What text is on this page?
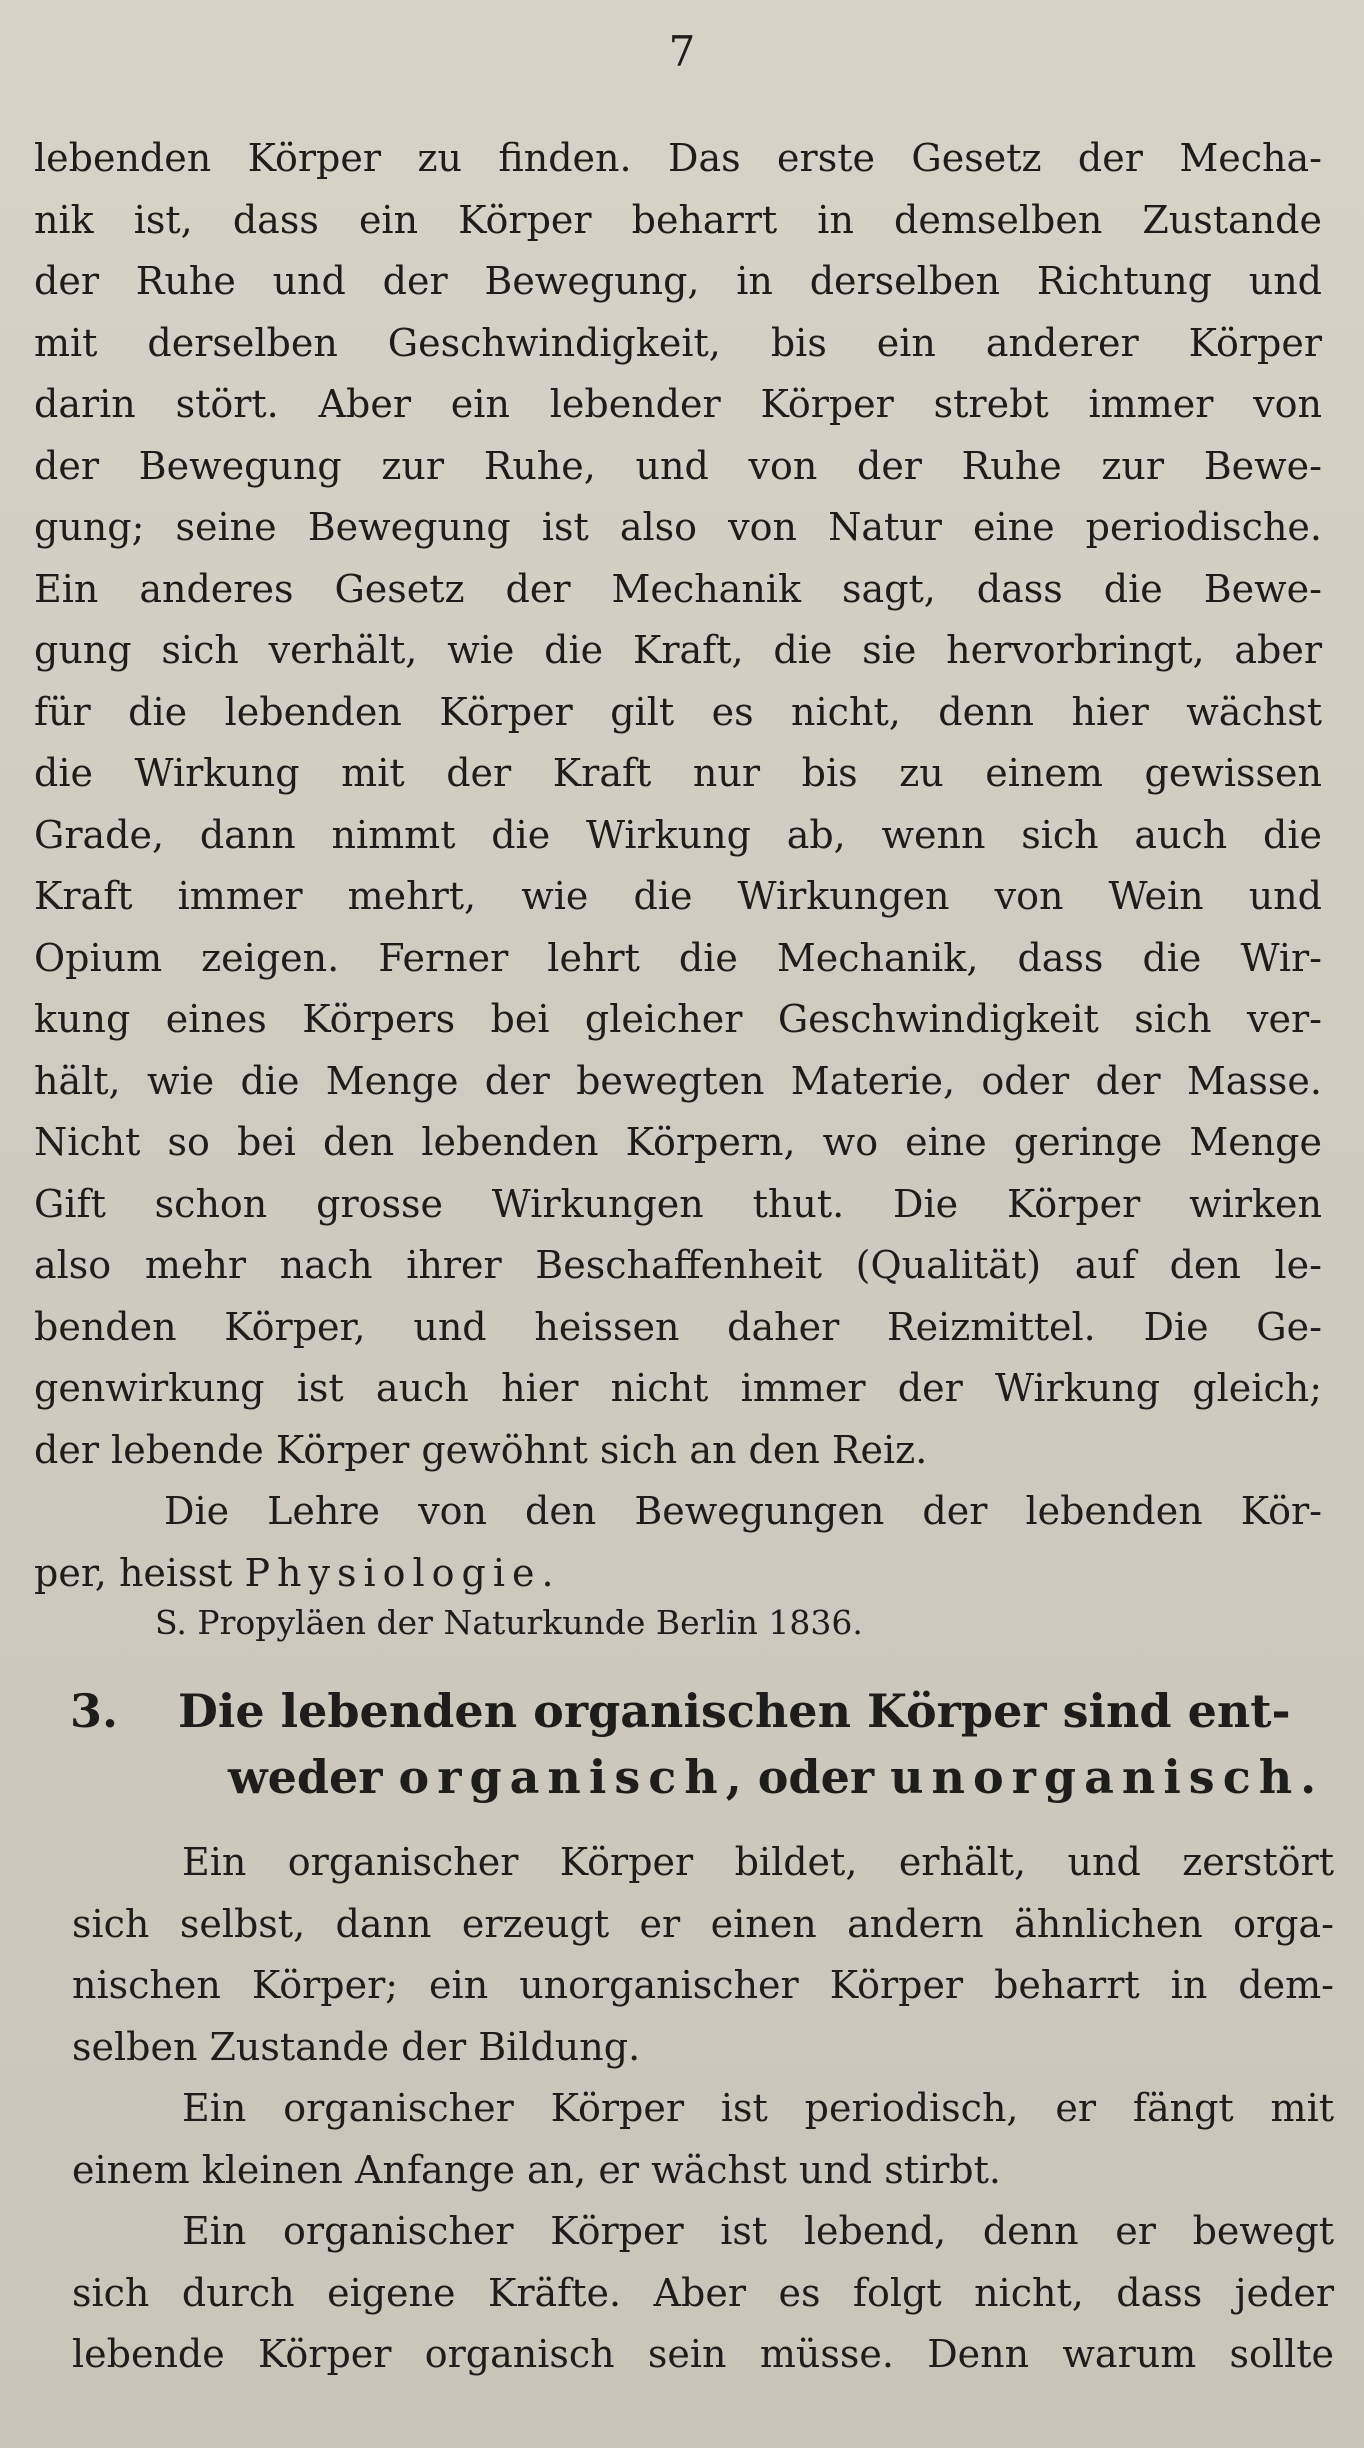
7
lebenden Körper zu finden. Das erste Gesetz der Mecha-
nik ist, dass ein Körper beharrt in demselben Zustande
der Ruhe und der Bewegung, in derselben Richtung und
mit derselben Geschwindigkeit, bis ein anderer Körper
darin stört. Aber ein lebender Körper strebt immer von
der Bewegung zur Ruhe, und von der Ruhe zur Bewe-
gung; seine Bewegung ist also von Natur eine periodische.
Ein anderes Gesetz der Mechanik sagt, dass die Bewe-
gung sich verhält, wie die Kraft, die sie hervorbringt, aber
für die lebenden Körper gilt es nicht, denn hier wächst
die Wirkung mit der Kraft nur bis zu einem gewissen
Grade, dann nimmt die Wirkung ab, wenn sich auch die
Kraft immer mehrt, wie die Wirkungen von Wein und
Opium zeigen. Ferner lehrt die Mechanik, dass die Wir-
kung eines Körpers bei gleicher Geschwindigkeit sich ver-
hält, wie die Menge der bewegten Materie, oder der Masse.
Nicht so bei den lebenden Körpern, wo eine geringe Menge
Gift schon grosse Wirkungen thut. Die Körper wirken
also mehr nach ihrer Beschaffenheit (Qualität) auf den le-
benden Körper, und heissen daher Reizmittel. Die Ge-
genwirkung ist auch hier nicht immer der Wirkung gleich;
der lebende Körper gewöhnt sich an den Reiz.
Die Lehre von den Bewegungen der lebenden Kör-
per, heisst Physiologie.
S. Propyläen der Naturkunde Berlin 1836.
3. Die lebenden organischen Körper sind ent-
weder organisch, oder unorganisch.
Ein organischer Körper bildet, erhält, und zerstört
sich selbst, dann erzeugt er einen andern ähnlichen orga-
nischen Körper; ein unorganischer Körper beharrt in dem-
selben Zustande der Bildung.
Ein organischer Körper ist periodisch, er fängt mit
einem kleinen Anfange an, er wächst und stirbt.
Ein organischer Körper ist lebend, denn er bewegt
sich durch eigene Kräfte. Aber es folgt nicht, dass jeder
lebende Körper organisch sein müsse. Denn warum sollte
